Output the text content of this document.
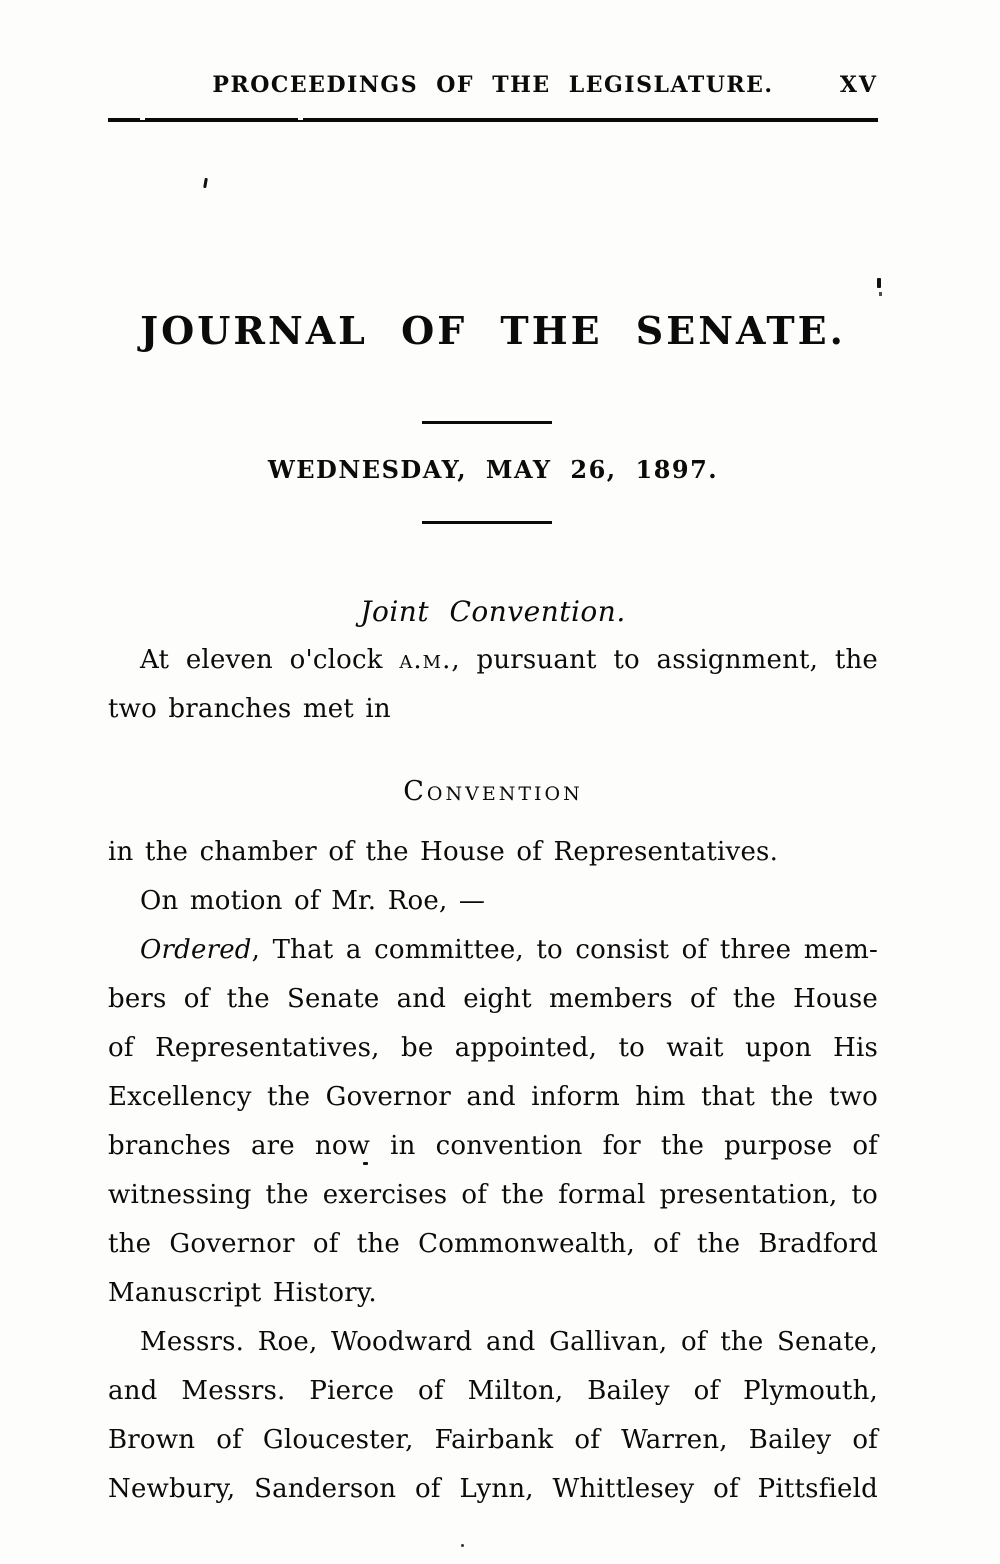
PROCEEDINGS OF THE LEGISLATURE.	XV
JOURNAL OF THE SENATE.
WEDNESDAY, MAY 26, 1897.
Joint Convention.
At eleven o'clock a.m., pursuant to assignment, the
two branches met in
Convention
in the chamber of the House of Representatives.
On motion of Mr. Roe, —
Ordered, That a committee, to consist of three mem-
bers of the Senate and eight members of the House
of Representatives, be appointed, to wait upon His
Excellency the Governor and inform him that the two
branches are now in convention for the purpose of
witnessing the exercises of the formal presentation, to
the Governor of the Commonwealth, of the Bradford
Manuscript History.
Messrs. Roe, Woodward and Gallivan, of the Senate,
and Messrs. Pierce of Milton, Bailey of Plymouth,
Brown of Gloucester, Fairbank of Warren, Bailey of
Newbury, Sanderson of Lynn, Whittlesey of Pittsfield
